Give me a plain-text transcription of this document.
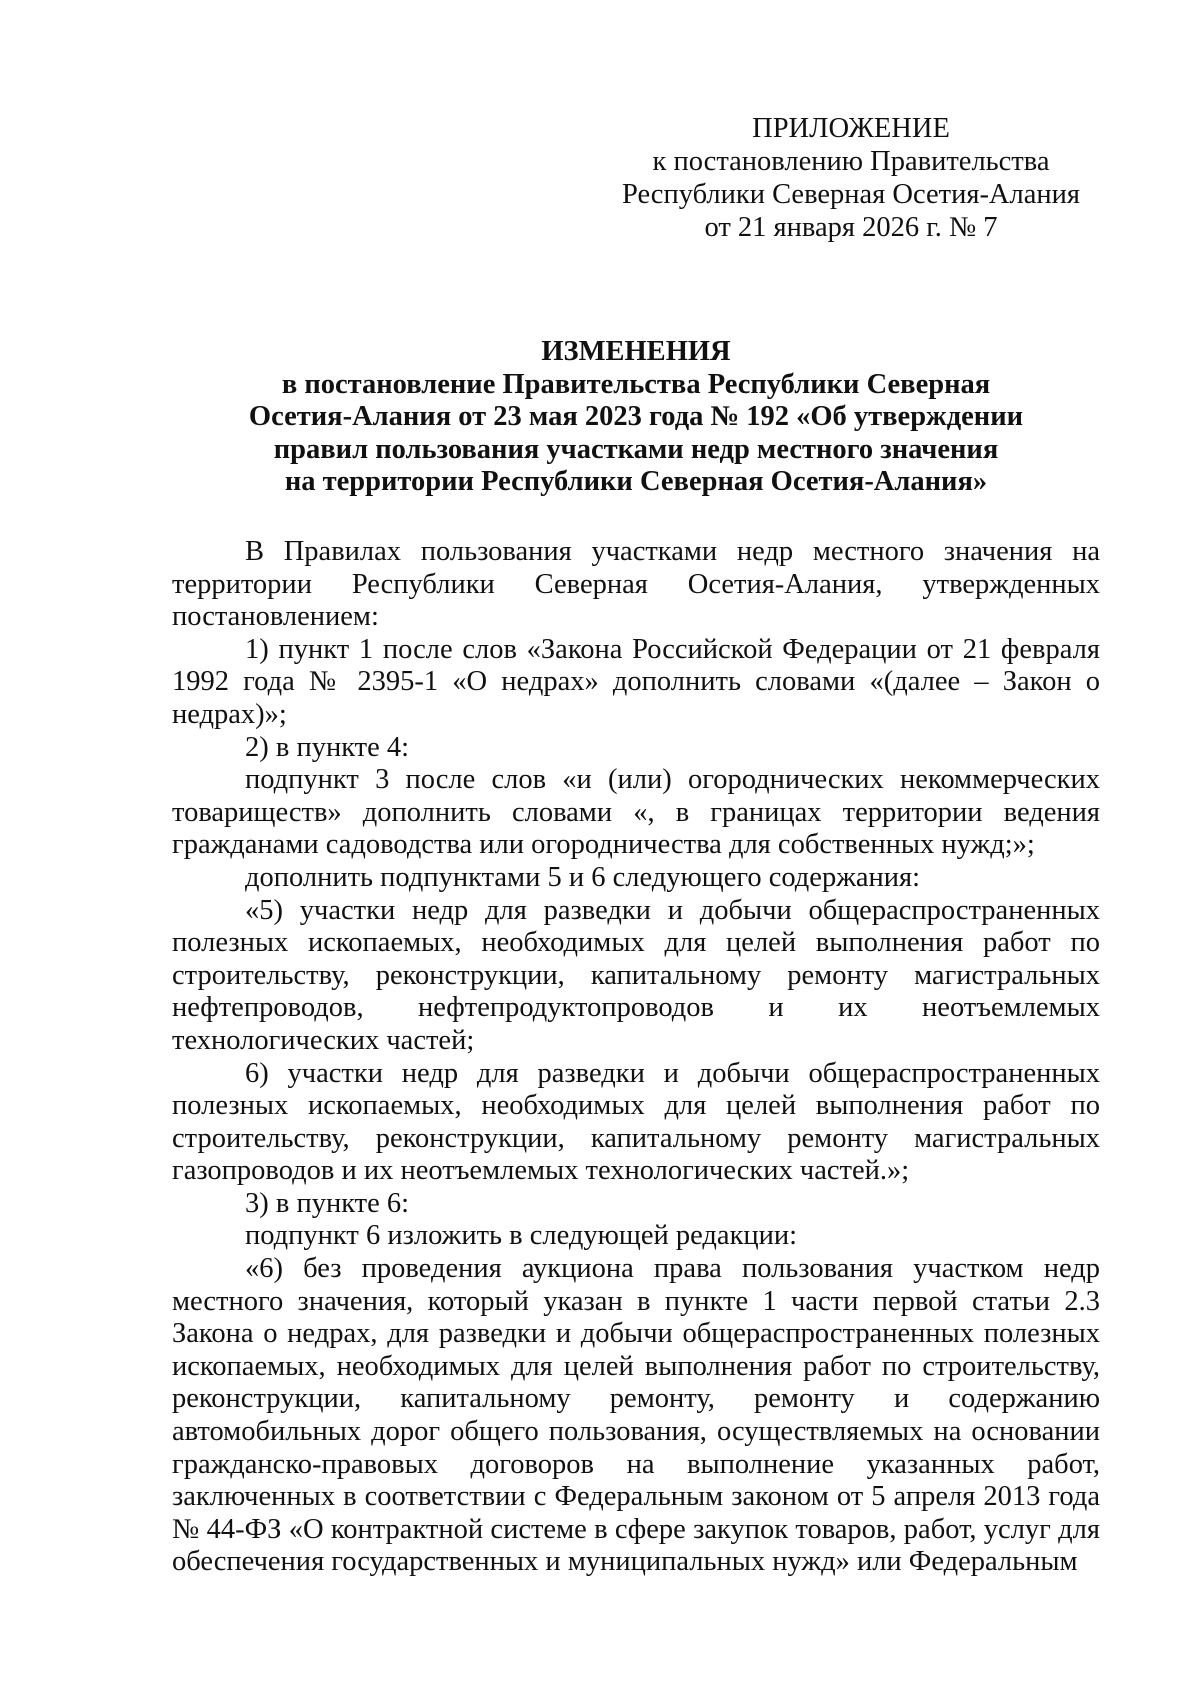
ПРИЛОЖЕНИЕ
к постановлению Правительства
Республики Северная Осетия-Алания
от 21 января 2026 г. № 7
ИЗМЕНЕНИЯ
в постановление Правительства Республики Северная
Осетия-Алания от 23 мая 2023 года № 192 «Об утверждении
правил пользования участками недр местного значения
на территории Республики Северная Осетия-Алания»

В Правилах пользования участками недр местного значения на территории Республики Северная Осетия-Алания, утвержденных постановлением:

1) пункт 1 после слов «Закона Российской Федерации от 21 февраля 1992 года № 2395-1 «О недрах» дополнить словами «(далее – Закон о недрах)»;

2) в пункте 4:

подпункт 3 после слов «и (или) огороднических некоммерческих товариществ» дополнить словами «, в границах территории ведения гражданами садоводства или огородничества для собственных нужд;»;

дополнить подпунктами 5 и 6 следующего содержания:

«5) участки недр для разведки и добычи общераспространенных полезных ископаемых, необходимых для целей выполнения работ по строительству, реконструкции, капитальному ремонту магистральных нефтепроводов, нефтепродуктопроводов и их неотъемлемых технологических частей;

6) участки недр для разведки и добычи общераспространенных полезных ископаемых, необходимых для целей выполнения работ по строительству, реконструкции, капитальному ремонту магистральных газопроводов и их неотъемлемых технологических частей.»;

3) в пункте 6:

подпункт 6 изложить в следующей редакции:

«6) без проведения аукциона права пользования участком недр местного значения, который указан в пункте 1 части первой статьи 2.3 Закона о недрах, для разведки и добычи общераспространенных полезных ископаемых, необходимых для целей выполнения работ по строительству, реконструкции, капитальному ремонту, ремонту и содержанию автомобильных дорог общего пользования, осуществляемых на основании гражданско-правовых договоров на выполнение указанных работ, заключенных в соответствии с Федеральным законом от 5 апреля 2013 года № 44-ФЗ «О контрактной системе в сфере закупок товаров, работ, услуг для обеспечения государственных и муниципальных нужд» или Федеральным
